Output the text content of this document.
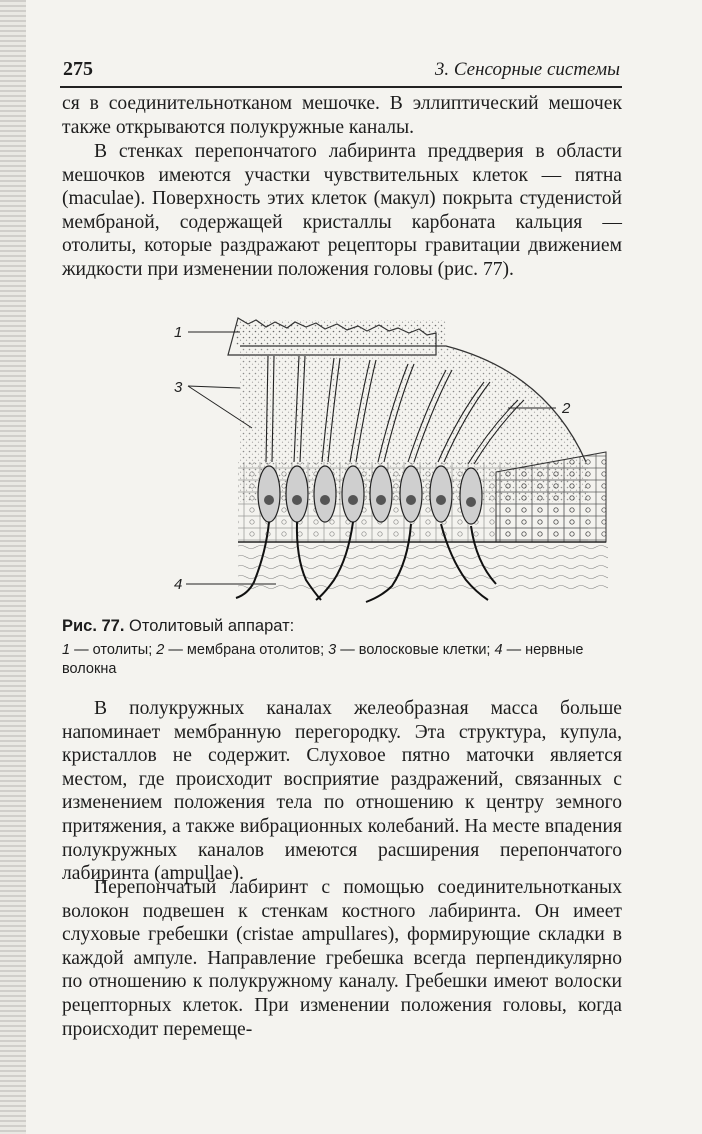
275	3. Сенсорные системы

ся в соединительнотканом мешочке. В эллиптический мешочек также открываются полукружные каналы.

В стенках перепончатого лабиринта преддверия в области мешочков имеются участки чувствительных клеток — пятна (maculae). Поверхность этих клеток (макул) покрыта студенистой мембраной, содержащей кристаллы карбоната кальция — отолиты, которые раздражают рецепторы гравитации движением жидкости при изменении положения головы (рис. 77).

1
3
2
4
Рис. 77. Отолитовый аппарат:
1 — отолиты; 2 — мембрана отолитов; 3 — волосковые клетки; 4 — нервные волокна

В полукружных каналах желеобразная масса больше напоминает мембранную перегородку. Эта структура, купула, кристаллов не содержит. Слуховое пятно маточки является местом, где происходит восприятие раздражений, связанных с изменением положения тела по отношению к центру земного притяжения, а также вибрационных колебаний. На месте впадения полукружных каналов имеются расширения перепончатого лабиринта (ampullae).

Перепончатый лабиринт с помощью соединительнотканых волокон подвешен к стенкам костного лабиринта. Он имеет слуховые гребешки (cristae ampullares), формирующие складки в каждой ампуле. Направление гребешка всегда перпендикулярно по отношению к полукружному каналу. Гребешки имеют волоски рецепторных клеток. При изменении положения головы, когда происходит перемеще-
